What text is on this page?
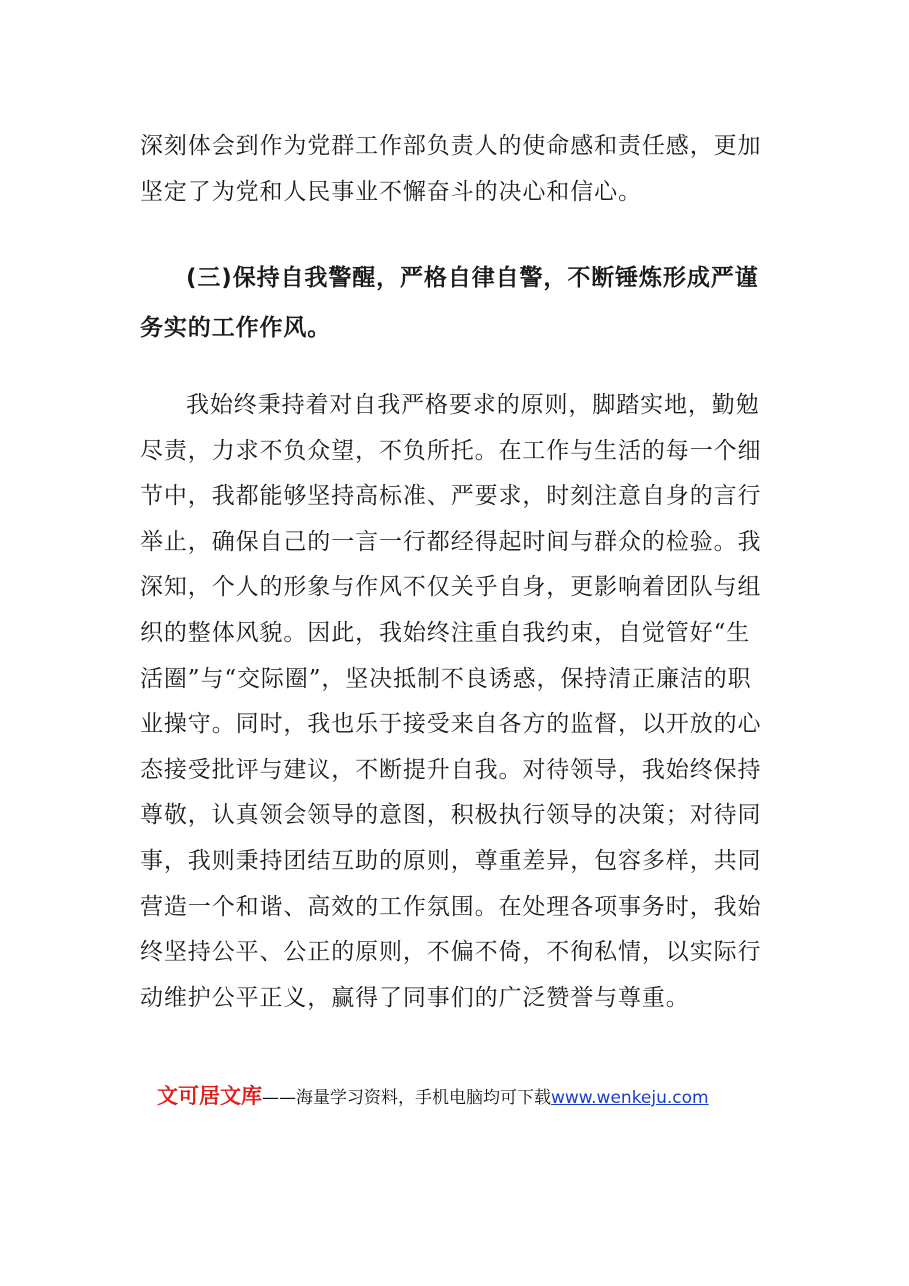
深刻体会到作为党群工作部负责人的使命感和责任感，更加坚定了为党和人民事业不懈奋斗的决心和信心。

(三)保持自我警醒，严格自律自警，不断锤炼形成严谨务实的工作作风。

我始终秉持着对自我严格要求的原则，脚踏实地，勤勉尽责，力求不负众望，不负所托。在工作与生活的每一个细节中，我都能够坚持高标准、严要求，时刻注意自身的言行举止，确保自己的一言一行都经得起时间与群众的检验。我深知，个人的形象与作风不仅关乎自身，更影响着团队与组织的整体风貌。因此，我始终注重自我约束，自觉管好“生活圈”与“交际圈”，坚决抵制不良诱惑，保持清正廉洁的职业操守。同时，我也乐于接受来自各方的监督，以开放的心态接受批评与建议，不断提升自我。对待领导，我始终保持尊敬，认真领会领导的意图，积极执行领导的决策；对待同事，我则秉持团结互助的原则，尊重差异，包容多样，共同营造一个和谐、高效的工作氛围。在处理各项事务时，我始终坚持公平、公正的原则，不偏不倚，不徇私情，以实际行动维护公平正义，赢得了同事们的广泛赞誉与尊重。

文可居文库——海量学习资料，手机电脑均可下载www.wenkeju.com
